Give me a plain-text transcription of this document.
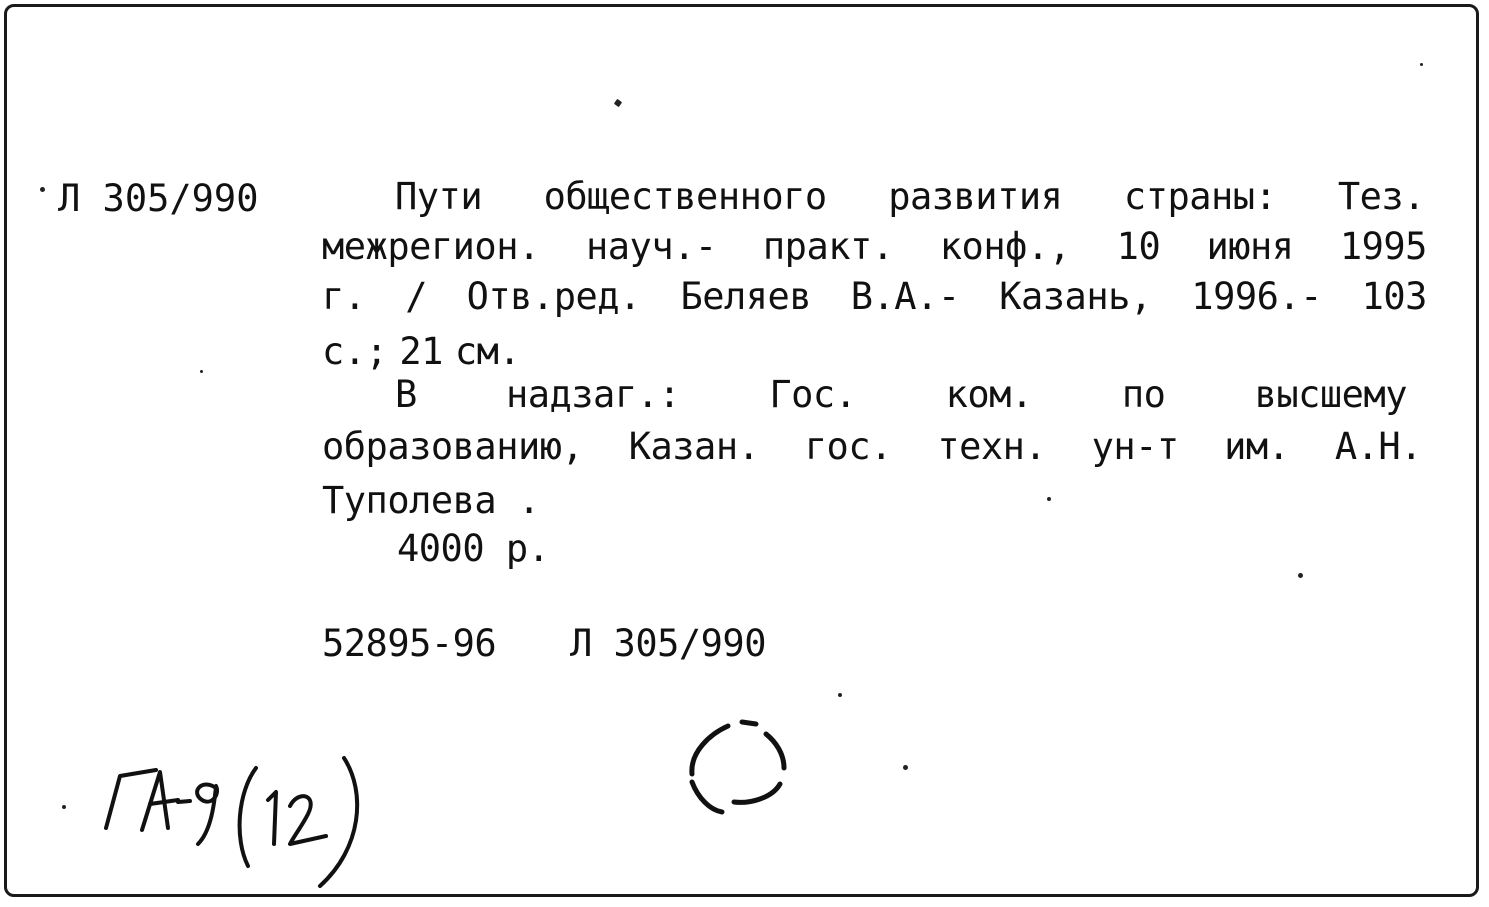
Л 305/990	Пути общественного развития страны: Тез.
межрегион. науч.- практ. конф., 10 июня 1995
г. / Отв.ред. Беляев В.А.- Казань, 1996.- 103
с.; 21 см.
В надзаг.: Гос. ком. по высшему
образованию, Казан. гос. техн. ун-т им. А.Н.
Туполева .
4000 р.
52895-96 Л 305/990
